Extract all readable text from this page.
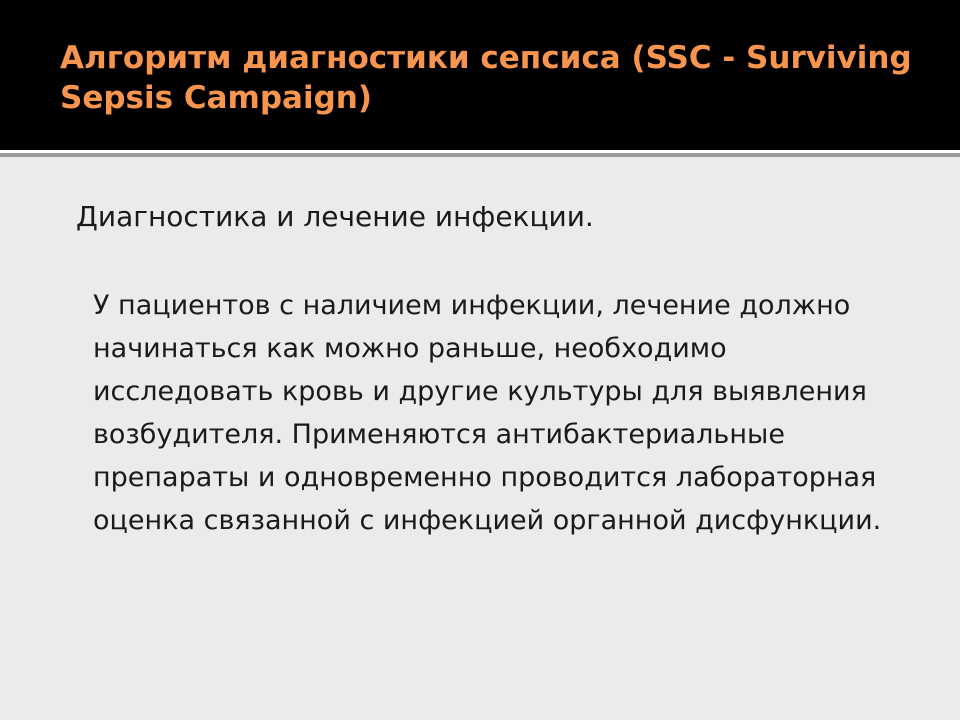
Алгоритм диагностики сепсиса (SSC - Surviving Sepsis Campaign)

Диагностика и лечение инфекции.

У пациентов с наличием инфекции, лечение должно начинаться как можно раньше, необходимо исследовать кровь и другие культуры для выявления возбудителя. Применяются антибактериальные препараты и одновременно проводится лабораторная оценка связанной с инфекцией органной дисфункции.
